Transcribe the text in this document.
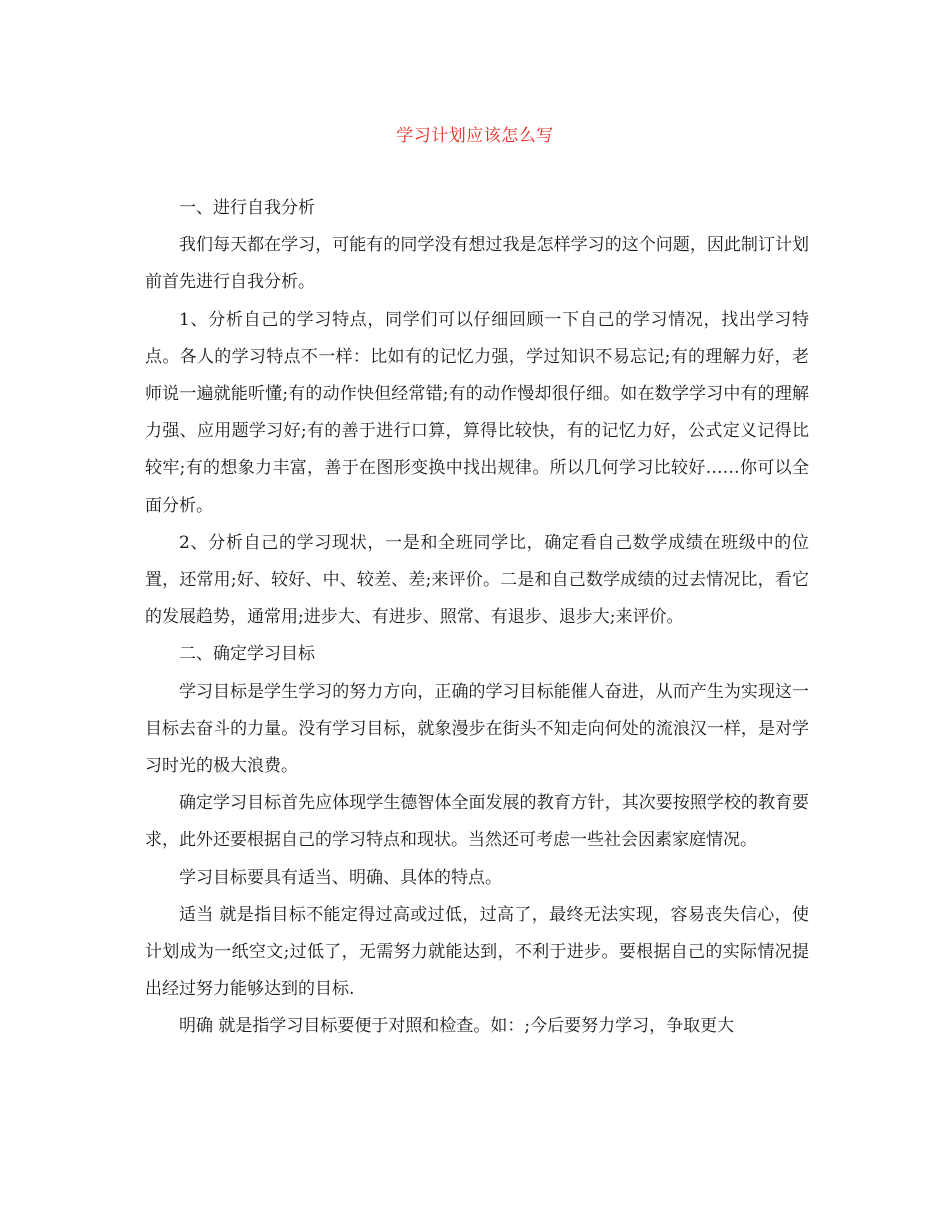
学习计划应该怎么写

一、进行自我分析

我们每天都在学习，可能有的同学没有想过我是怎样学习的这个问题，因此制订计划前首先进行自我分析。

1、分析自己的学习特点，同学们可以仔细回顾一下自己的学习情况，找出学习特点。各人的学习特点不一样：比如有的记忆力强，学过知识不易忘记;有的理解力好，老师说一遍就能听懂;有的动作快但经常错;有的动作慢却很仔细。如在数学学习中有的理解力强、应用题学习好;有的善于进行口算，算得比较快，有的记忆力好，公式定义记得比较牢;有的想象力丰富，善于在图形变换中找出规律。所以几何学习比较好……你可以全面分析。

2、分析自己的学习现状，一是和全班同学比，确定看自己数学成绩在班级中的位置，还常用;好、较好、中、较差、差;来评价。二是和自己数学成绩的过去情况比，看它的发展趋势，通常用;进步大、有进步、照常、有退步、退步大;来评价。

二、确定学习目标

学习目标是学生学习的努力方向，正确的学习目标能催人奋进，从而产生为实现这一目标去奋斗的力量。没有学习目标，就象漫步在街头不知走向何处的流浪汉一样，是对学习时光的极大浪费。

确定学习目标首先应体现学生德智体全面发展的教育方针，其次要按照学校的教育要求，此外还要根据自己的学习特点和现状。当然还可考虑一些社会因素家庭情况。

学习目标要具有适当、明确、具体的特点。

适当 就是指目标不能定得过高或过低，过高了，最终无法实现，容易丧失信心，使计划成为一纸空文;过低了，无需努力就能达到，不利于进步。要根据自己的实际情况提出经过努力能够达到的目标.

明确 就是指学习目标要便于对照和检查。如：;今后要努力学习，争取更大
